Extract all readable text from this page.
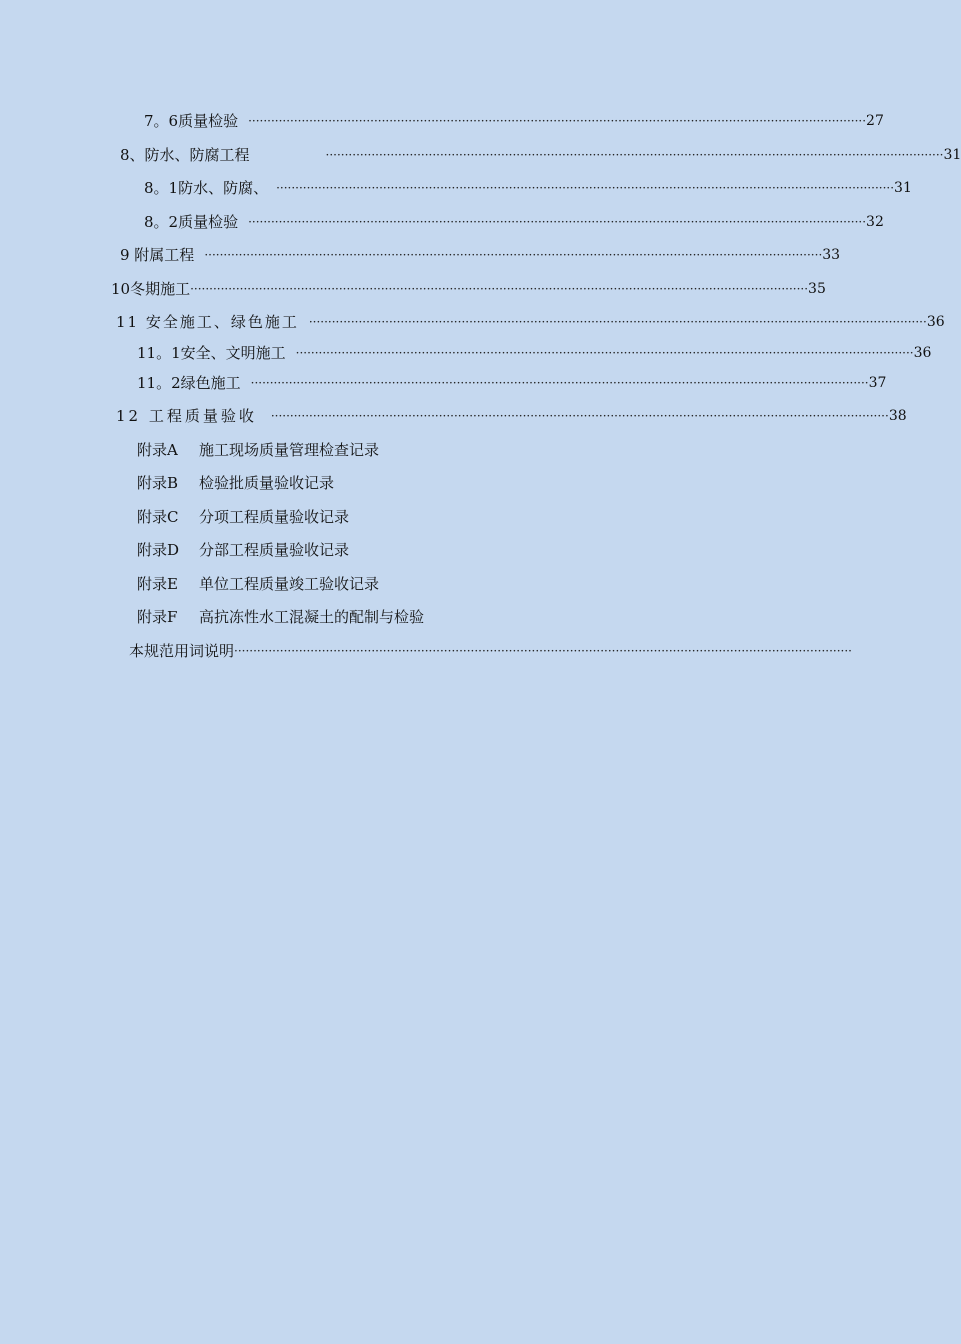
7。6质量检验 ·································································································································································· 27
8、防水、防腐工程	·································································································································································· 31
8。1防水、防腐、 ·································································································································································· 31
8。2质量检验 ·································································································································································· 32
9 附属工程 ·································································································································································· 33
10冬期施工 ·································································································································································· 35
11 安全施工、绿色施工 ·································································································································································· 36
11。1安全、文明施工 ·································································································································································· 36
11。2绿色施工 ·································································································································································· 37
12 工程质量验收 ·································································································································································· 38
附录A 施工现场质量管理检查记录
附录B 检验批质量验收记录
附录C 分项工程质量验收记录
附录D 分部工程质量验收记录
附录E 单位工程质量竣工验收记录
附录F 高抗冻性水工混凝土的配制与检验
本规范用词说明 ··································································································································································
